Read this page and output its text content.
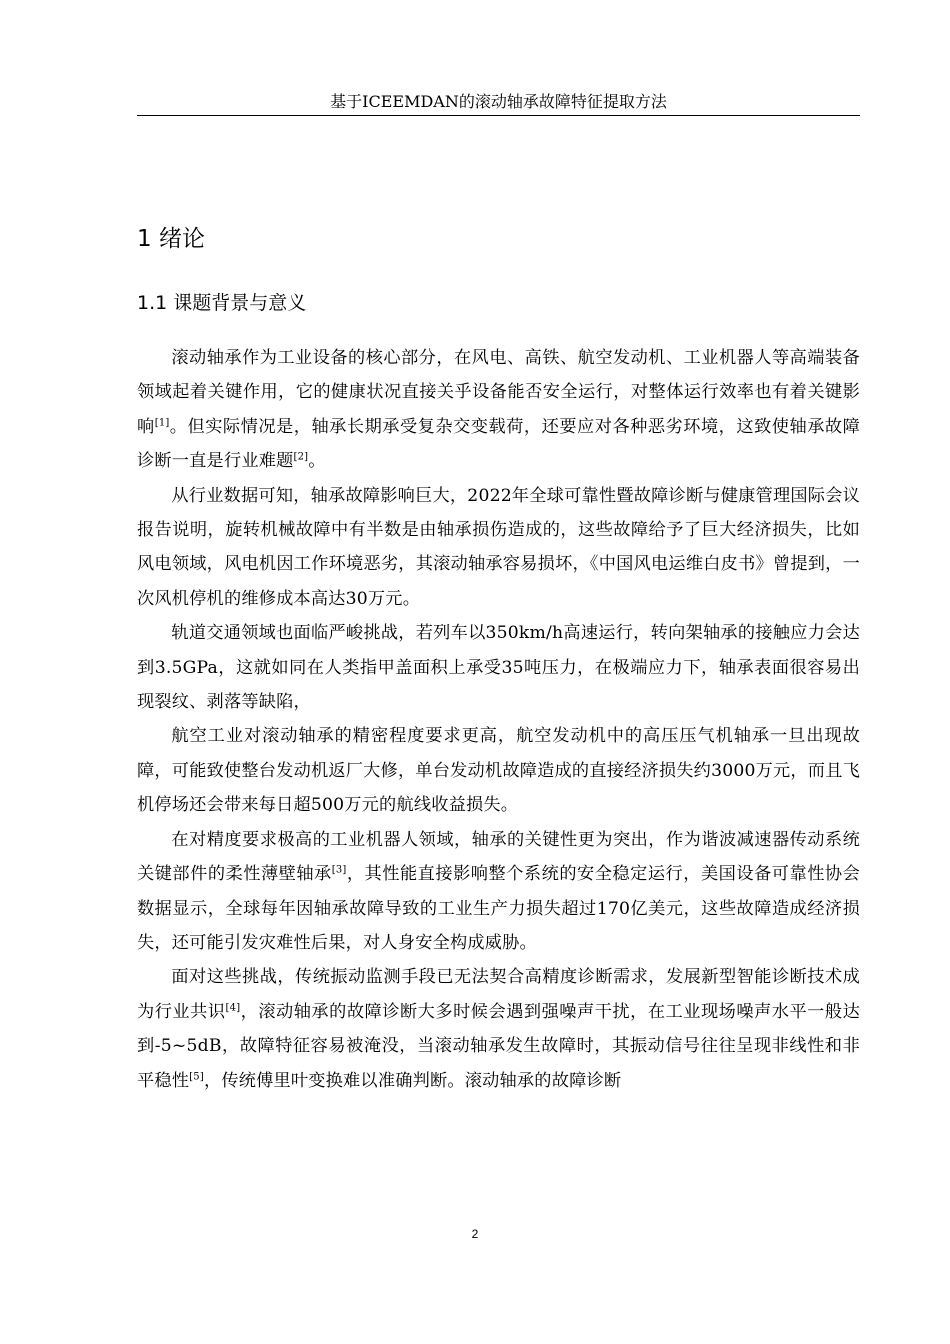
基于ICEEMDAN的滚动轴承故障特征提取方法
1 绪论
1.1 课题背景与意义

滚动轴承作为工业设备的核心部分，在风电、高铁、航空发动机、工业机器人等高端装备领域起着关键作用，它的健康状况直接关乎设备能否安全运行，对整体运行效率也有着关键影响[1]。但实际情况是，轴承长期承受复杂交变载荷，还要应对各种恶劣环境，这致使轴承故障诊断一直是行业难题[2]。

从行业数据可知，轴承故障影响巨大，2022年全球可靠性暨故障诊断与健康管理国际会议报告说明，旋转机械故障中有半数是由轴承损伤造成的，这些故障给予了巨大经济损失，比如风电领域，风电机因工作环境恶劣，其滚动轴承容易损坏，《中国风电运维白皮书》曾提到，一次风机停机的维修成本高达30万元。

轨道交通领域也面临严峻挑战，若列车以350km/h高速运行，转向架轴承的接触应力会达到3.5GPa，这就如同在人类指甲盖面积上承受35吨压力，在极端应力下，轴承表面很容易出现裂纹、剥落等缺陷，

航空工业对滚动轴承的精密程度要求更高，航空发动机中的高压压气机轴承一旦出现故障，可能致使整台发动机返厂大修，单台发动机故障造成的直接经济损失约3000万元，而且飞机停场还会带来每日超500万元的航线收益损失。

在对精度要求极高的工业机器人领域，轴承的关键性更为突出，作为谐波减速器传动系统关键部件的柔性薄壁轴承[3]，其性能直接影响整个系统的安全稳定运行，美国设备可靠性协会数据显示，全球每年因轴承故障导致的工业生产力损失超过170亿美元，这些故障造成经济损失，还可能引发灾难性后果，对人身安全构成威胁。

面对这些挑战，传统振动监测手段已无法契合高精度诊断需求，发展新型智能诊断技术成为行业共识[4]，滚动轴承的故障诊断大多时候会遇到强噪声干扰，在工业现场噪声水平一般达到-5~5dB，故障特征容易被淹没，当滚动轴承发生故障时，其振动信号往往呈现非线性和非平稳性[5]，传统傅里叶变换难以准确判断。滚动轴承的故障诊断

2
